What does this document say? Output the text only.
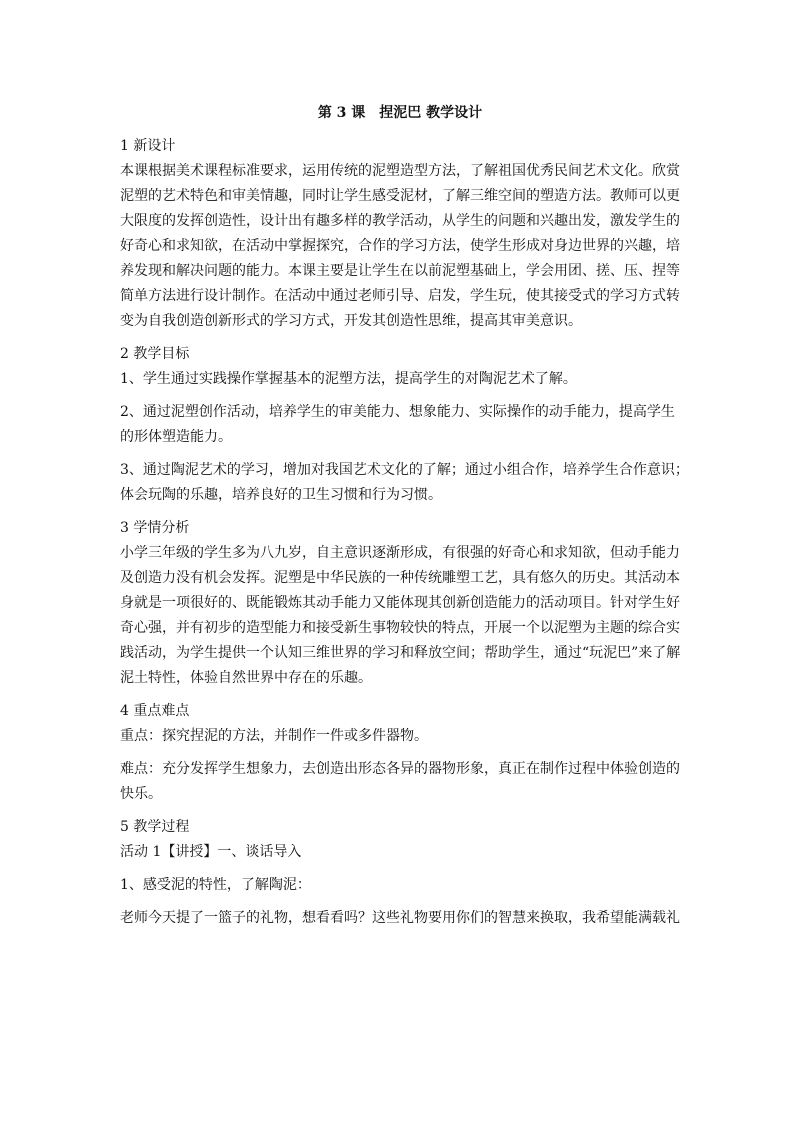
第 3 课　捏泥巴 教学设计
1 新设计
本课根据美术课程标准要求，运用传统的泥塑造型方法，了解祖国优秀民间艺术文化。欣赏
泥塑的艺术特色和审美情趣，同时让学生感受泥材，了解三维空间的塑造方法。教师可以更
大限度的发挥创造性，设计出有趣多样的教学活动，从学生的问题和兴趣出发，激发学生的
好奇心和求知欲，在活动中掌握探究，合作的学习方法，使学生形成对身边世界的兴趣，培
养发现和解决问题的能力。本课主要是让学生在以前泥塑基础上，学会用团、搓、压、捏等
简单方法进行设计制作。在活动中通过老师引导、启发，学生玩，使其接受式的学习方式转
变为自我创造创新形式的学习方式，开发其创造性思维，提高其审美意识。
2 教学目标
1、学生通过实践操作掌握基本的泥塑方法，提高学生的对陶泥艺术了解。
2、通过泥塑创作活动，培养学生的审美能力、想象能力、实际操作的动手能力，提高学生
的形体塑造能力。
3、通过陶泥艺术的学习，增加对我国艺术文化的了解；通过小组合作，培养学生合作意识；
体会玩陶的乐趣，培养良好的卫生习惯和行为习惯。
3 学情分析
小学三年级的学生多为八九岁，自主意识逐渐形成，有很强的好奇心和求知欲，但动手能力
及创造力没有机会发挥。泥塑是中华民族的一种传统雕塑工艺，具有悠久的历史。其活动本
身就是一项很好的、既能锻炼其动手能力又能体现其创新创造能力的活动项目。针对学生好
奇心强，并有初步的造型能力和接受新生事物较快的特点，开展一个以泥塑为主题的综合实
践活动，为学生提供一个认知三维世界的学习和释放空间；帮助学生，通过“玩泥巴”来了解
泥土特性，体验自然世界中存在的乐趣。
4 重点难点
重点：探究捏泥的方法，并制作一件或多件器物。
难点：充分发挥学生想象力，去创造出形态各异的器物形象，真正在制作过程中体验创造的
快乐。
5 教学过程
活动 1【讲授】一、谈话导入
1、感受泥的特性，了解陶泥：
老师今天提了一篮子的礼物，想看看吗？这些礼物要用你们的智慧来换取，我希望能满载礼
